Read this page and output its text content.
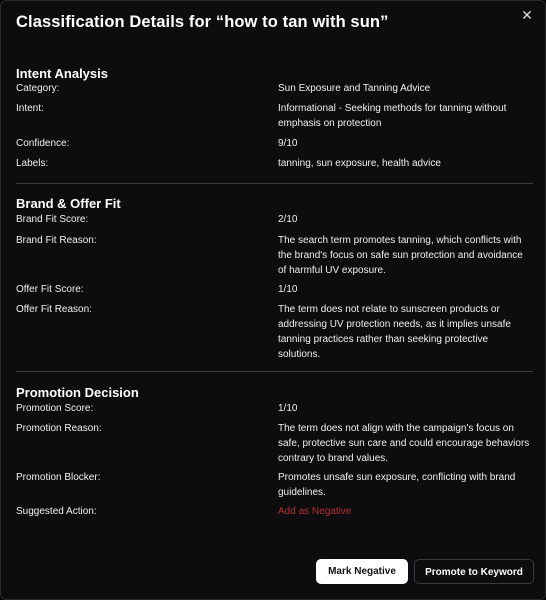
Classification Details for “how to tan with sun”	✕
Intent Analysis
Category:	Sun Exposure and Tanning Advice
Intent:	Informational - Seeking methods for tanning without emphasis on protection
Confidence:	9/10
Labels:	tanning, sun exposure, health advice
Brand & Offer Fit
Brand Fit Score:	2/10
Brand Fit Reason:	The search term promotes tanning, which conflicts with the brand's focus on safe sun protection and avoidance of harmful UV exposure.
Offer Fit Score:	1/10
Offer Fit Reason:	The term does not relate to sunscreen products or addressing UV protection needs, as it implies unsafe tanning practices rather than seeking protective solutions.
Promotion Decision
Promotion Score:	1/10
Promotion Reason:	The term does not align with the campaign's focus on safe, protective sun care and could encourage behaviors contrary to brand values.
Promotion Blocker:	Promotes unsafe sun exposure, conflicting with brand guidelines.
Suggested Action:	Add as Negative
Mark Negative	Promote to Keyword
